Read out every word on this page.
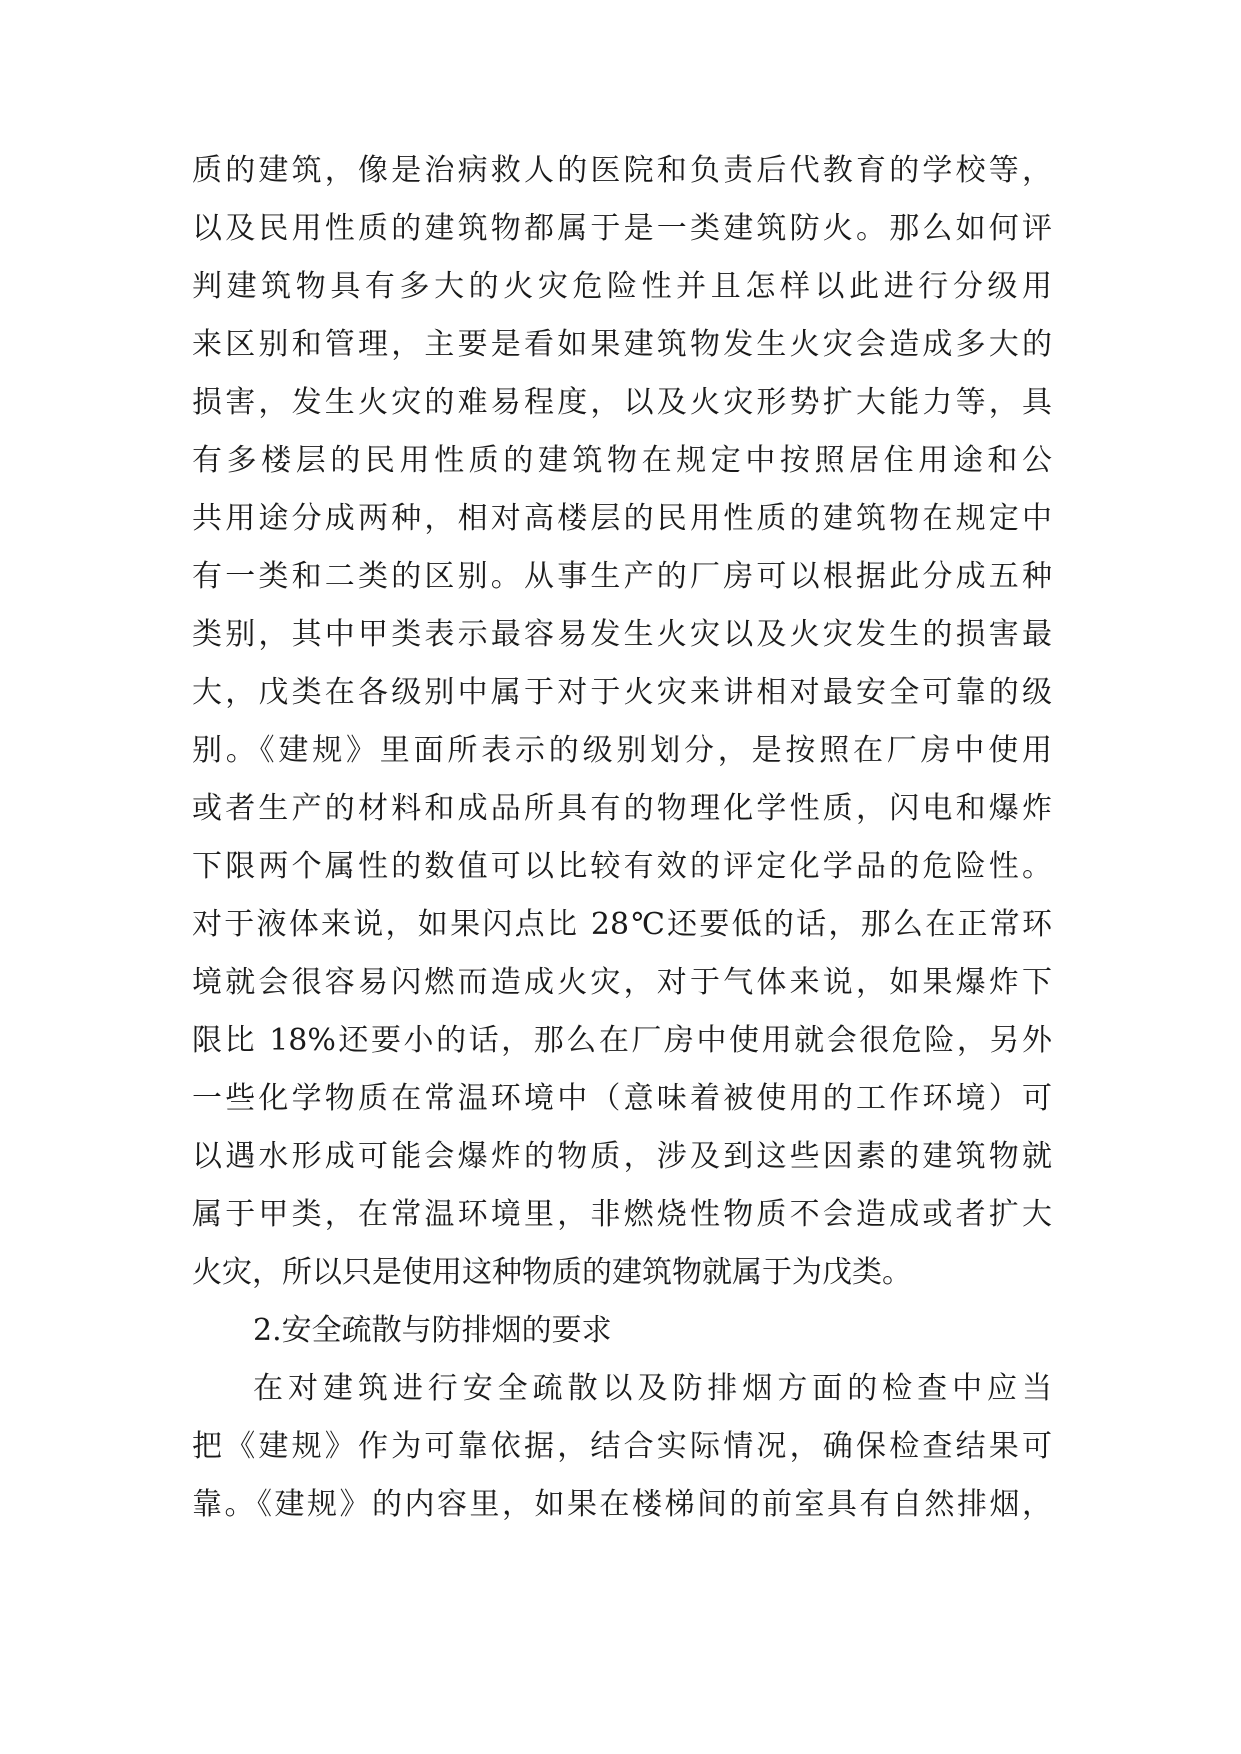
质的建筑，像是治病救人的医院和负责后代教育的学校等，
以及民用性质的建筑物都属于是一类建筑防火。那么如何评
判建筑物具有多大的火灾危险性并且怎样以此进行分级用
来区别和管理，主要是看如果建筑物发生火灾会造成多大的
损害，发生火灾的难易程度，以及火灾形势扩大能力等，具
有多楼层的民用性质的建筑物在规定中按照居住用途和公
共用途分成两种，相对高楼层的民用性质的建筑物在规定中
有一类和二类的区别。从事生产的厂房可以根据此分成五种
类别，其中甲类表示最容易发生火灾以及火灾发生的损害最
大，戊类在各级别中属于对于火灾来讲相对最安全可靠的级
别。《建规》里面所表示的级别划分，是按照在厂房中使用
或者生产的材料和成品所具有的物理化学性质，闪电和爆炸
下限两个属性的数值可以比较有效的评定化学品的危险性。
对于液体来说，如果闪点比 28℃还要低的话，那么在正常环
境就会很容易闪燃而造成火灾，对于气体来说，如果爆炸下
限比 18%还要小的话，那么在厂房中使用就会很危险，另外
一些化学物质在常温环境中（意味着被使用的工作环境）可
以遇水形成可能会爆炸的物质，涉及到这些因素的建筑物就
属于甲类，在常温环境里，非燃烧性物质不会造成或者扩大
火灾，所以只是使用这种物质的建筑物就属于为戊类。
2.安全疏散与防排烟的要求
在对建筑进行安全疏散以及防排烟方面的检查中应当
把《建规》作为可靠依据，结合实际情况，确保检查结果可
靠。《建规》的内容里，如果在楼梯间的前室具有自然排烟，
